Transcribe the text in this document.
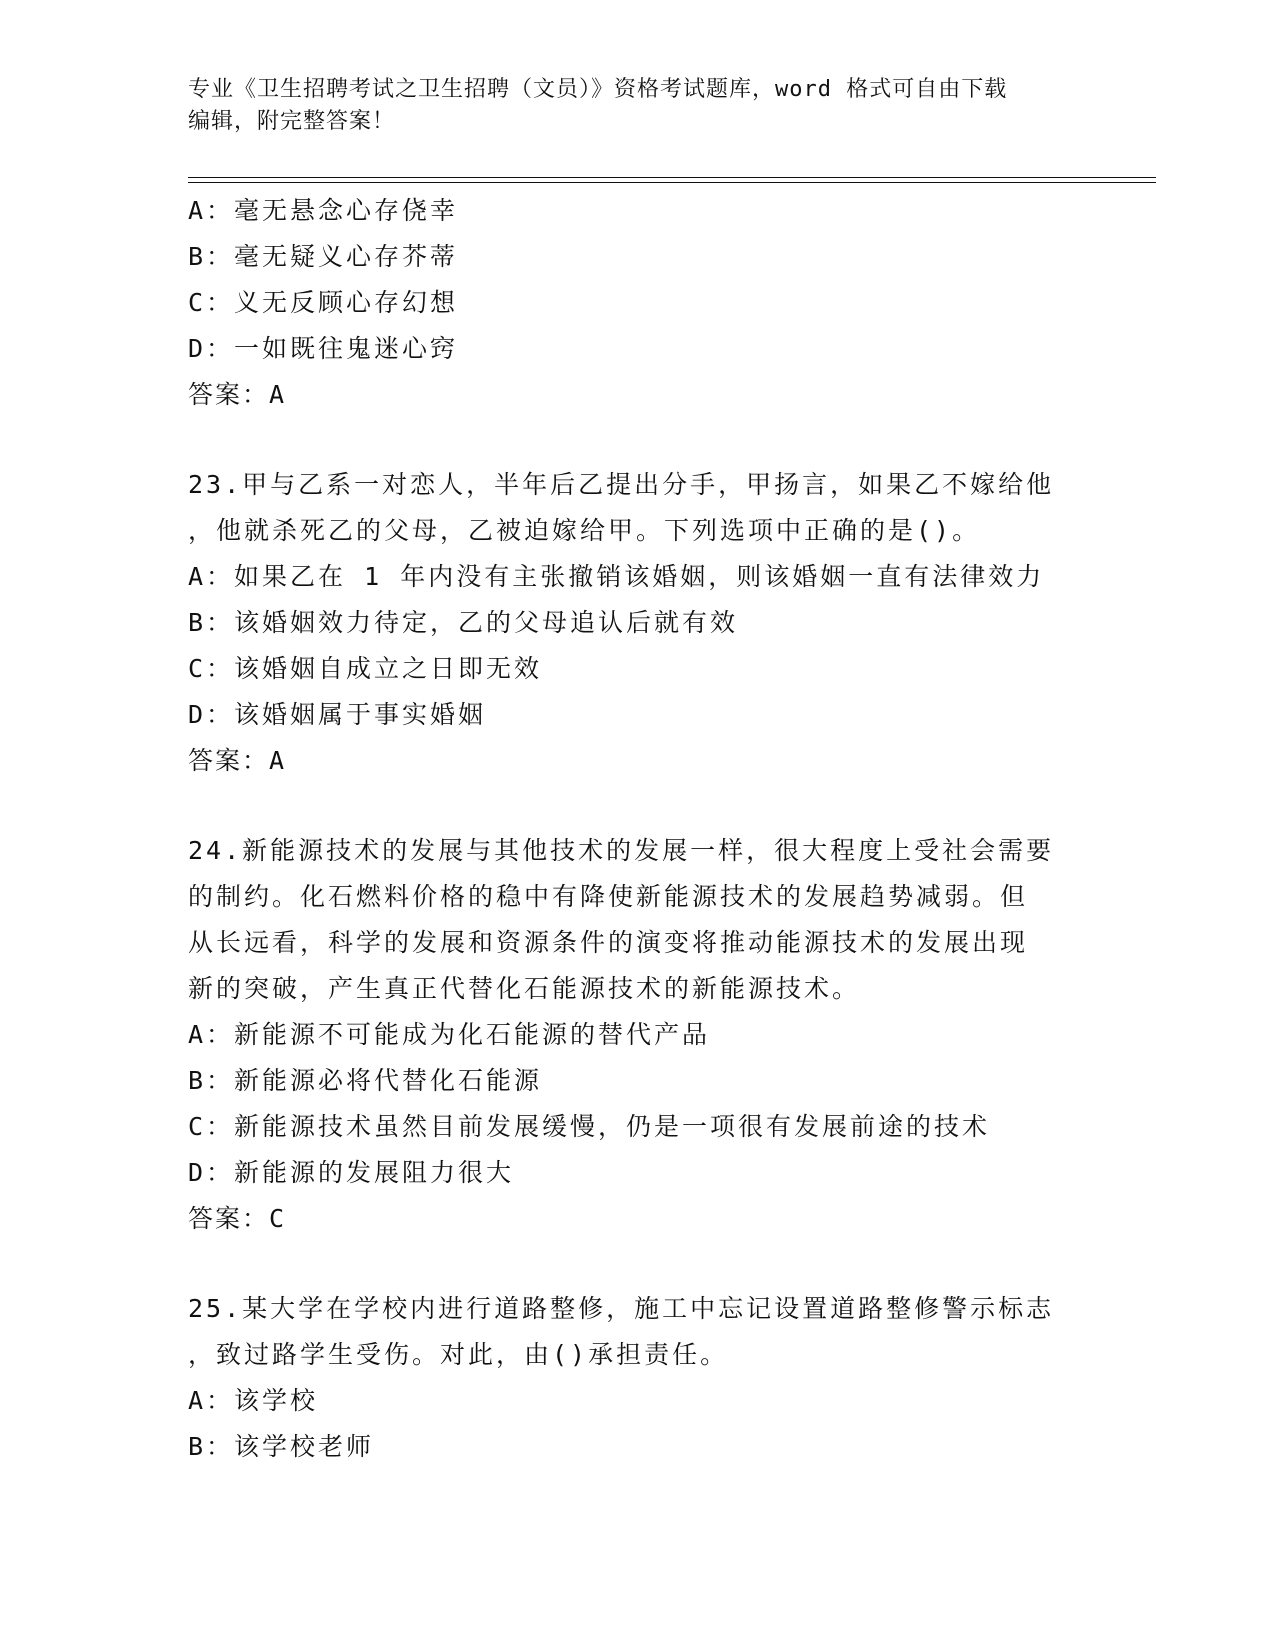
专业《卫生招聘考试之卫生招聘（文员）》资格考试题库，word 格式可自由下载
编辑，附完整答案！
A：毫无悬念心存侥幸
B：毫无疑义心存芥蒂
C：义无反顾心存幻想
D：一如既往鬼迷心窍
答案：A
23.甲与乙系一对恋人，半年后乙提出分手，甲扬言，如果乙不嫁给他
，他就杀死乙的父母，乙被迫嫁给甲。下列选项中正确的是()。
A：如果乙在 1 年内没有主张撤销该婚姻，则该婚姻一直有法律效力
B：该婚姻效力待定，乙的父母追认后就有效
C：该婚姻自成立之日即无效
D：该婚姻属于事实婚姻
答案：A
24.新能源技术的发展与其他技术的发展一样，很大程度上受社会需要
的制约。化石燃料价格的稳中有降使新能源技术的发展趋势减弱。但
从长远看，科学的发展和资源条件的演变将推动能源技术的发展出现
新的突破，产生真正代替化石能源技术的新能源技术。
A：新能源不可能成为化石能源的替代产品
B：新能源必将代替化石能源
C：新能源技术虽然目前发展缓慢，仍是一项很有发展前途的技术
D：新能源的发展阻力很大
答案：C
25.某大学在学校内进行道路整修，施工中忘记设置道路整修警示标志
，致过路学生受伤。对此，由()承担责任。
A：该学校
B：该学校老师
